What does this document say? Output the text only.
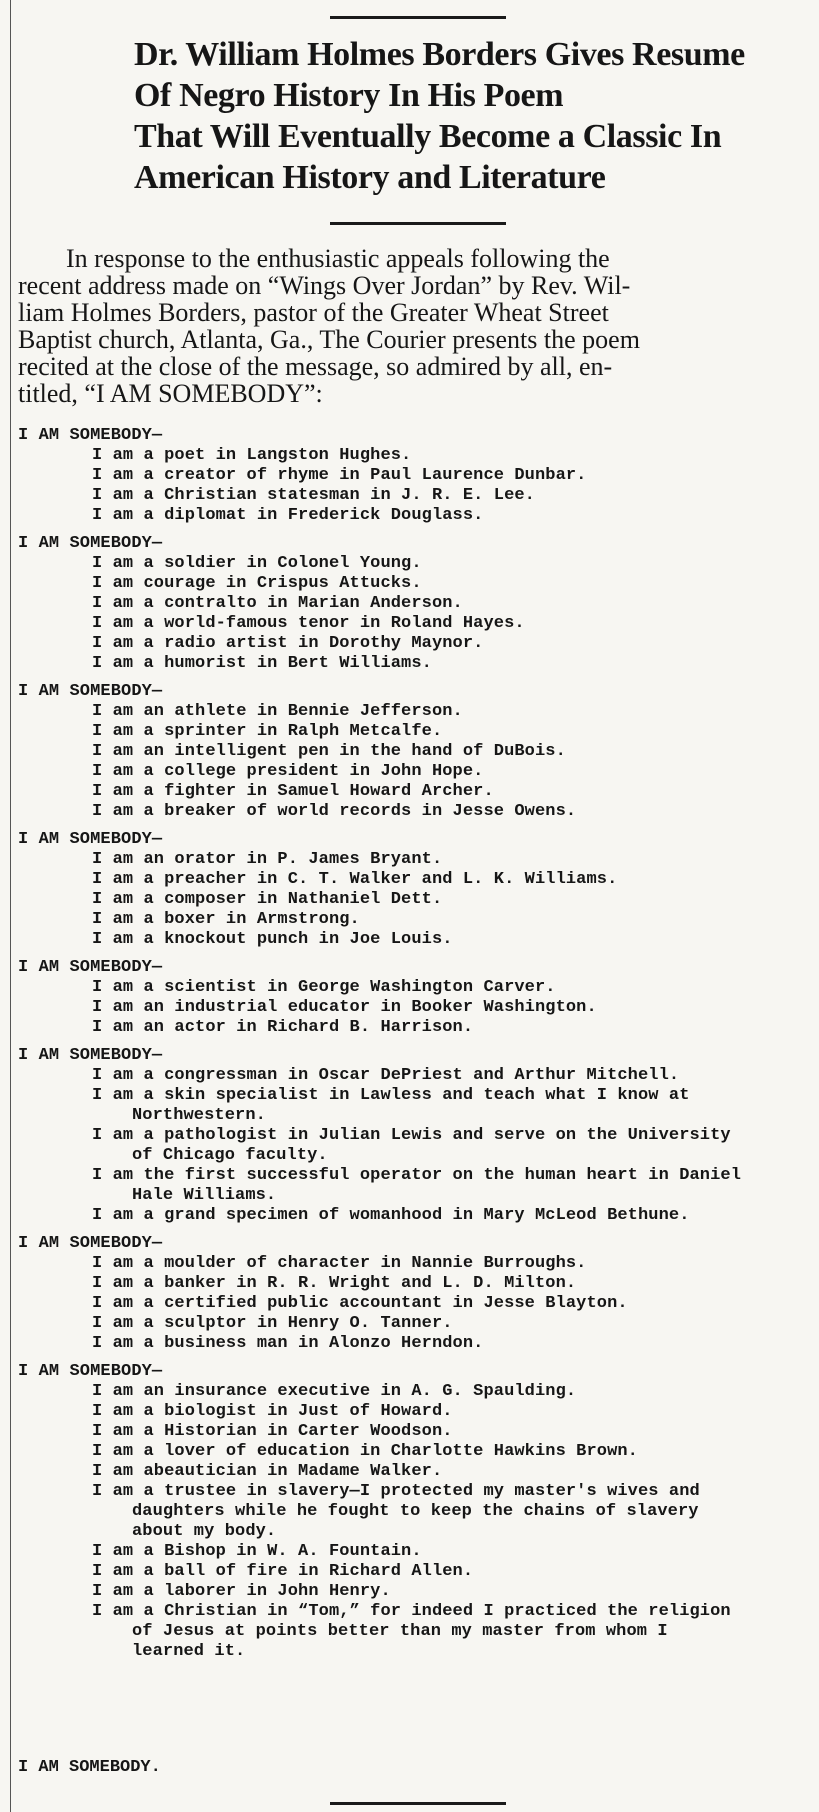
Dr. William Holmes Borders Gives Resume
Of Negro History In His Poem
That Will Eventually Become a Classic In
American History and Literature
In response to the enthusiastic appeals following the
recent address made on “Wings Over Jordan” by Rev. Wil-
liam Holmes Borders, pastor of the Greater Wheat Street
Baptist church, Atlanta, Ga., The Courier presents the poem
recited at the close of the message, so admired by all, en-
titled, “I AM SOMEBODY”:
I AM SOMEBODY—
I am a poet in Langston Hughes.
I am a creator of rhyme in Paul Laurence Dunbar.
I am a Christian statesman in J. R. E. Lee.
I am a diplomat in Frederick Douglass.
I AM SOMEBODY—
I am a soldier in Colonel Young.
I am courage in Crispus Attucks.
I am a contralto in Marian Anderson.
I am a world-famous tenor in Roland Hayes.
I am a radio artist in Dorothy Maynor.
I am a humorist in Bert Williams.
I AM SOMEBODY—
I am an athlete in Bennie Jefferson.
I am a sprinter in Ralph Metcalfe.
I am an intelligent pen in the hand of DuBois.
I am a college president in John Hope.
I am a fighter in Samuel Howard Archer.
I am a breaker of world records in Jesse Owens.
I AM SOMEBODY—
I am an orator in P. James Bryant.
I am a preacher in C. T. Walker and L. K. Williams.
I am a composer in Nathaniel Dett.
I am a boxer in Armstrong.
I am a knockout punch in Joe Louis.
I AM SOMEBODY—
I am a scientist in George Washington Carver.
I am an industrial educator in Booker Washington.
I am an actor in Richard B. Harrison.
I AM SOMEBODY—
I am a congressman in Oscar DePriest and Arthur Mitchell.
I am a skin specialist in Lawless and teach what I know at
Northwestern.
I am a pathologist in Julian Lewis and serve on the University
of Chicago faculty.
I am the first successful operator on the human heart in Daniel
Hale Williams.
I am a grand specimen of womanhood in Mary McLeod Bethune.
I AM SOMEBODY—
I am a moulder of character in Nannie Burroughs.
I am a banker in R. R. Wright and L. D. Milton.
I am a certified public accountant in Jesse Blayton.
I am a sculptor in Henry O. Tanner.
I am a business man in Alonzo Herndon.
I AM SOMEBODY—
I am an insurance executive in A. G. Spaulding.
I am a biologist in Just of Howard.
I am a Historian in Carter Woodson.
I am a lover of education in Charlotte Hawkins Brown.
I am abeautician in Madame Walker.
I am a trustee in slavery—I protected my master's wives and
daughters while he fought to keep the chains of slavery
about my body.
I am a Bishop in W. A. Fountain.
I am a ball of fire in Richard Allen.
I am a laborer in John Henry.
I am a Christian in “Tom,” for indeed I practiced the religion
of Jesus at points better than my master from whom I
learned it.
I AM SOMEBODY.
